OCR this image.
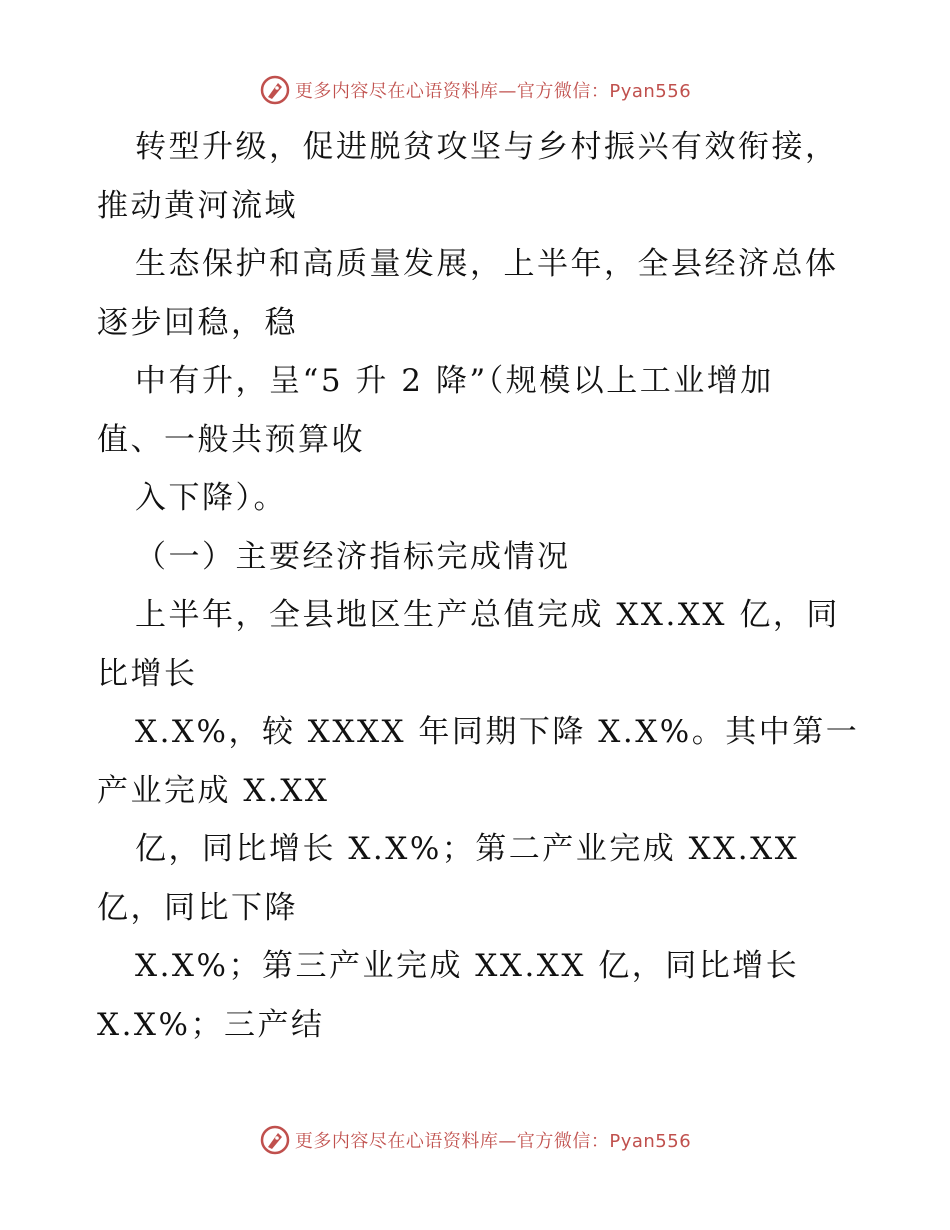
更多内容尽在心语资料库—官方微信：Pyan556
转型升级，促进脱贫攻坚与乡村振兴有效衔接，
推动黄河流域
生态保护和高质量发展，上半年，全县经济总体
逐步回稳，稳
中有升，呈“5 升 2 降”（规模以上工业增加
值、一般共预算收
入下降）。
（一）主要经济指标完成情况
上半年，全县地区生产总值完成 XX.XX 亿，同
比增长
X.X%，较 XXXX 年同期下降 X.X%。其中第一
产业完成 X.XX
亿，同比增长 X.X%；第二产业完成 XX.XX
亿，同比下降
X.X%；第三产业完成 XX.XX 亿，同比增长
X.X%；三产结
更多内容尽在心语资料库—官方微信：Pyan556
